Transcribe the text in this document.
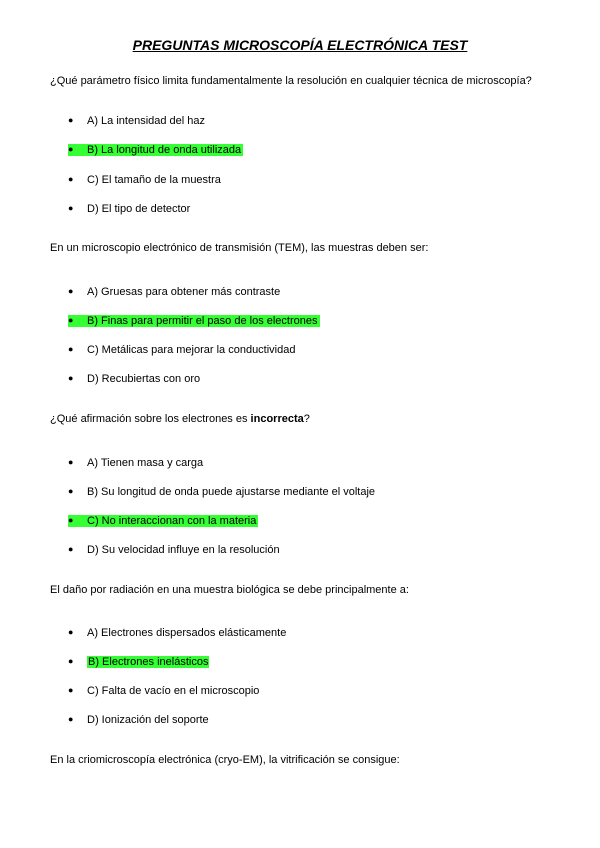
PREGUNTAS MICROSCOPÍA ELECTRÓNICA TEST
¿Qué parámetro físico limita fundamentalmente la resolución en cualquier técnica de microscopía?
● A) La intensidad del haz
● B) La longitud de onda utilizada
● C) El tamaño de la muestra
● D) El tipo de detector
En un microscopio electrónico de transmisión (TEM), las muestras deben ser:
● A) Gruesas para obtener más contraste
● B) Finas para permitir el paso de los electrones
● C) Metálicas para mejorar la conductividad
● D) Recubiertas con oro
¿Qué afirmación sobre los electrones es incorrecta?
● A) Tienen masa y carga
● B) Su longitud de onda puede ajustarse mediante el voltaje
● C) No interaccionan con la materia
● D) Su velocidad influye en la resolución
El daño por radiación en una muestra biológica se debe principalmente a:
● A) Electrones dispersados elásticamente
● B) Electrones inelásticos
● C) Falta de vacío en el microscopio
● D) Ionización del soporte
En la criomicroscopía electrónica (cryo-EM), la vitrificación se consigue:
